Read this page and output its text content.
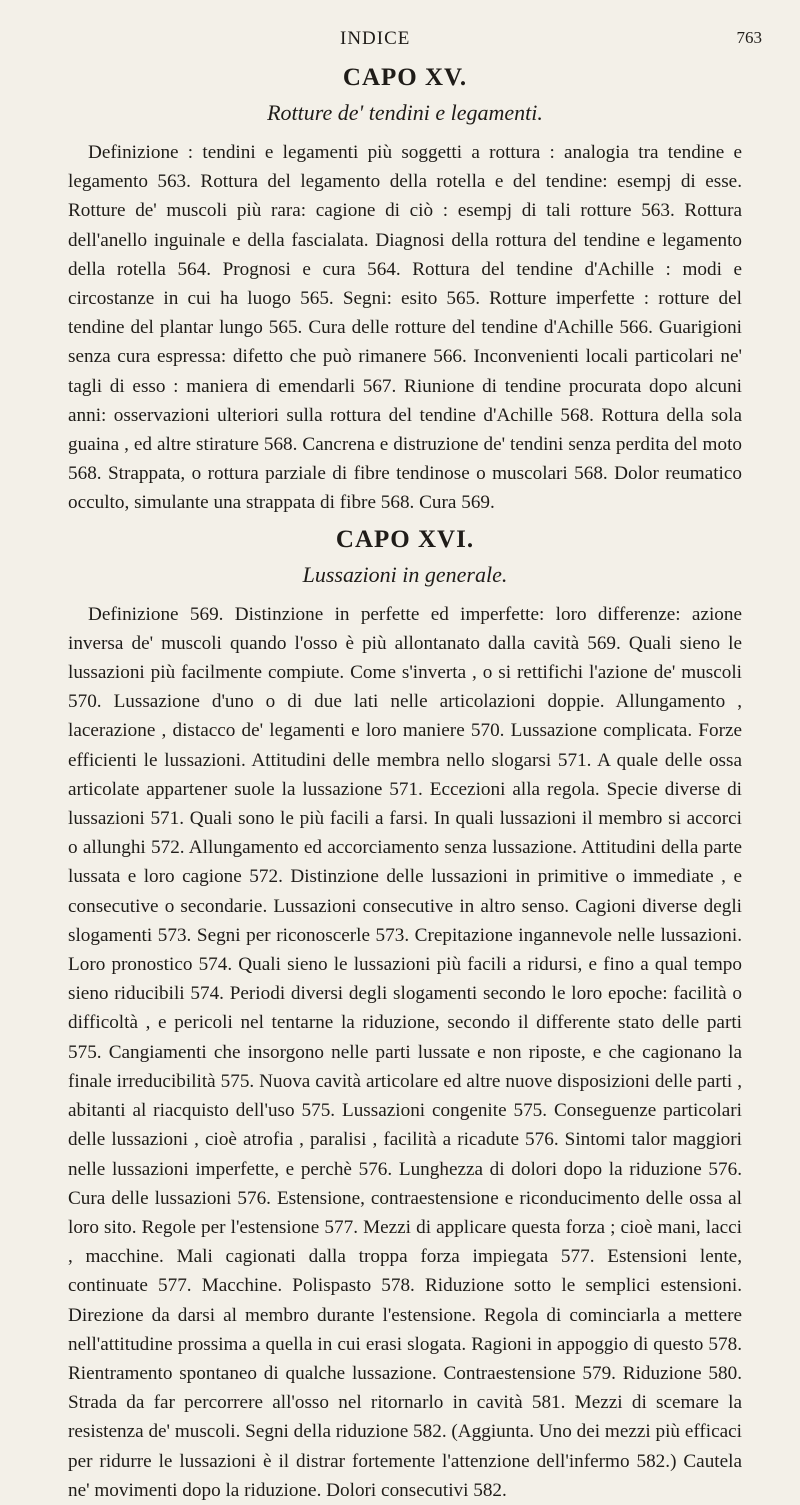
INDICE	763
CAPO XV.
Rotture de' tendini e legamenti.

Definizione : tendini e legamenti più soggetti a rottura : analogia tra tendine e legamento 563. Rottura del legamento della rotella e del tendine: esempj di esse. Rotture de' muscoli più rara: cagione di ciò : esempj di tali rotture 563. Rottura dell'anello inguinale e della fascialata. Diagnosi della rottura del tendine e legamento della rotella 564. Prognosi e cura 564. Rottura del tendine d'Achille : modi e circostanze in cui ha luogo 565. Segni: esito 565. Rotture imperfette : rotture del tendine del plantar lungo 565. Cura delle rotture del tendine d'Achille 566. Guarigioni senza cura espressa: difetto che può rimanere 566. Inconvenienti locali particolari ne' tagli di esso : maniera di emendarli 567. Riunione di tendine procurata dopo alcuni anni: osservazioni ulteriori sulla rottura del tendine d'Achille 568. Rottura della sola guaina , ed altre stirature 568. Cancrena e distruzione de' tendini senza perdita del moto 568. Strappata, o rottura parziale di fibre tendinose o muscolari 568. Dolor reumatico occulto, simulante una strappata di fibre 568. Cura 569.

CAPO XVI.
Lussazioni in generale.

Definizione 569. Distinzione in perfette ed imperfette: loro differenze: azione inversa de' muscoli quando l'osso è più allontanato dalla cavità 569. Quali sieno le lussazioni più facilmente compiute. Come s'inverta , o si rettifichi l'azione de' muscoli 570. Lussazione d'uno o di due lati nelle articolazioni doppie. Allungamento , lacerazione , distacco de' legamenti e loro maniere 570. Lussazione complicata. Forze efficienti le lussazioni. Attitudini delle membra nello slogarsi 571. A quale delle ossa articolate appartener suole la lussazione 571. Eccezioni alla regola. Specie diverse di lussazioni 571. Quali sono le più facili a farsi. In quali lussazioni il membro si accorci o allunghi 572. Allungamento ed accorciamento senza lussazione. Attitudini della parte lussata e loro cagione 572. Distinzione delle lussazioni in primitive o immediate , e consecutive o secondarie. Lussazioni consecutive in altro senso. Cagioni diverse degli slogamenti 573. Segni per riconoscerle 573. Crepitazione ingannevole nelle lussazioni. Loro pronostico 574. Quali sieno le lussazioni più facili a ridursi, e fino a qual tempo sieno riducibili 574. Periodi diversi degli slogamenti secondo le loro epoche: facilità o difficoltà , e pericoli nel tentarne la riduzione, secondo il differente stato delle parti 575. Cangiamenti che insorgono nelle parti lussate e non riposte, e che cagionano la finale irreducibilità 575. Nuova cavità articolare ed altre nuove disposizioni delle parti , abitanti al riacquisto dell'uso 575. Lussazioni congenite 575. Conseguenze particolari delle lussazioni , cioè atrofia , paralisi , facilità a ricadute 576. Sintomi talor maggiori nelle lussazioni imperfette, e perchè 576. Lunghezza di dolori dopo la riduzione 576. Cura delle lussazioni 576. Estensione, contraestensione e riconducimento delle ossa al loro sito. Regole per l'estensione 577. Mezzi di applicare questa forza ; cioè mani, lacci , macchine. Mali cagionati dalla troppa forza impiegata 577. Estensioni lente, continuate 577. Macchine. Polispasto 578. Riduzione sotto le semplici estensioni. Direzione da darsi al membro durante l'estensione. Regola di cominciarla a mettere nell'attitudine prossima a quella in cui erasi slogata. Ragioni in appoggio di questo 578. Rientramento spontaneo di qualche lussazione. Contraestensione 579. Riduzione 580. Strada da far percorrere all'osso nel ritornarlo in cavità 581. Mezzi di scemare la resistenza de' muscoli. Segni della riduzione 582. (Aggiunta. Uno dei mezzi più efficaci per ridurre le lussazioni è il distrar fortemente l'attenzione dell'infermo 582.) Cautela ne' movimenti dopo la riduzione. Dolori consecutivi 582.
